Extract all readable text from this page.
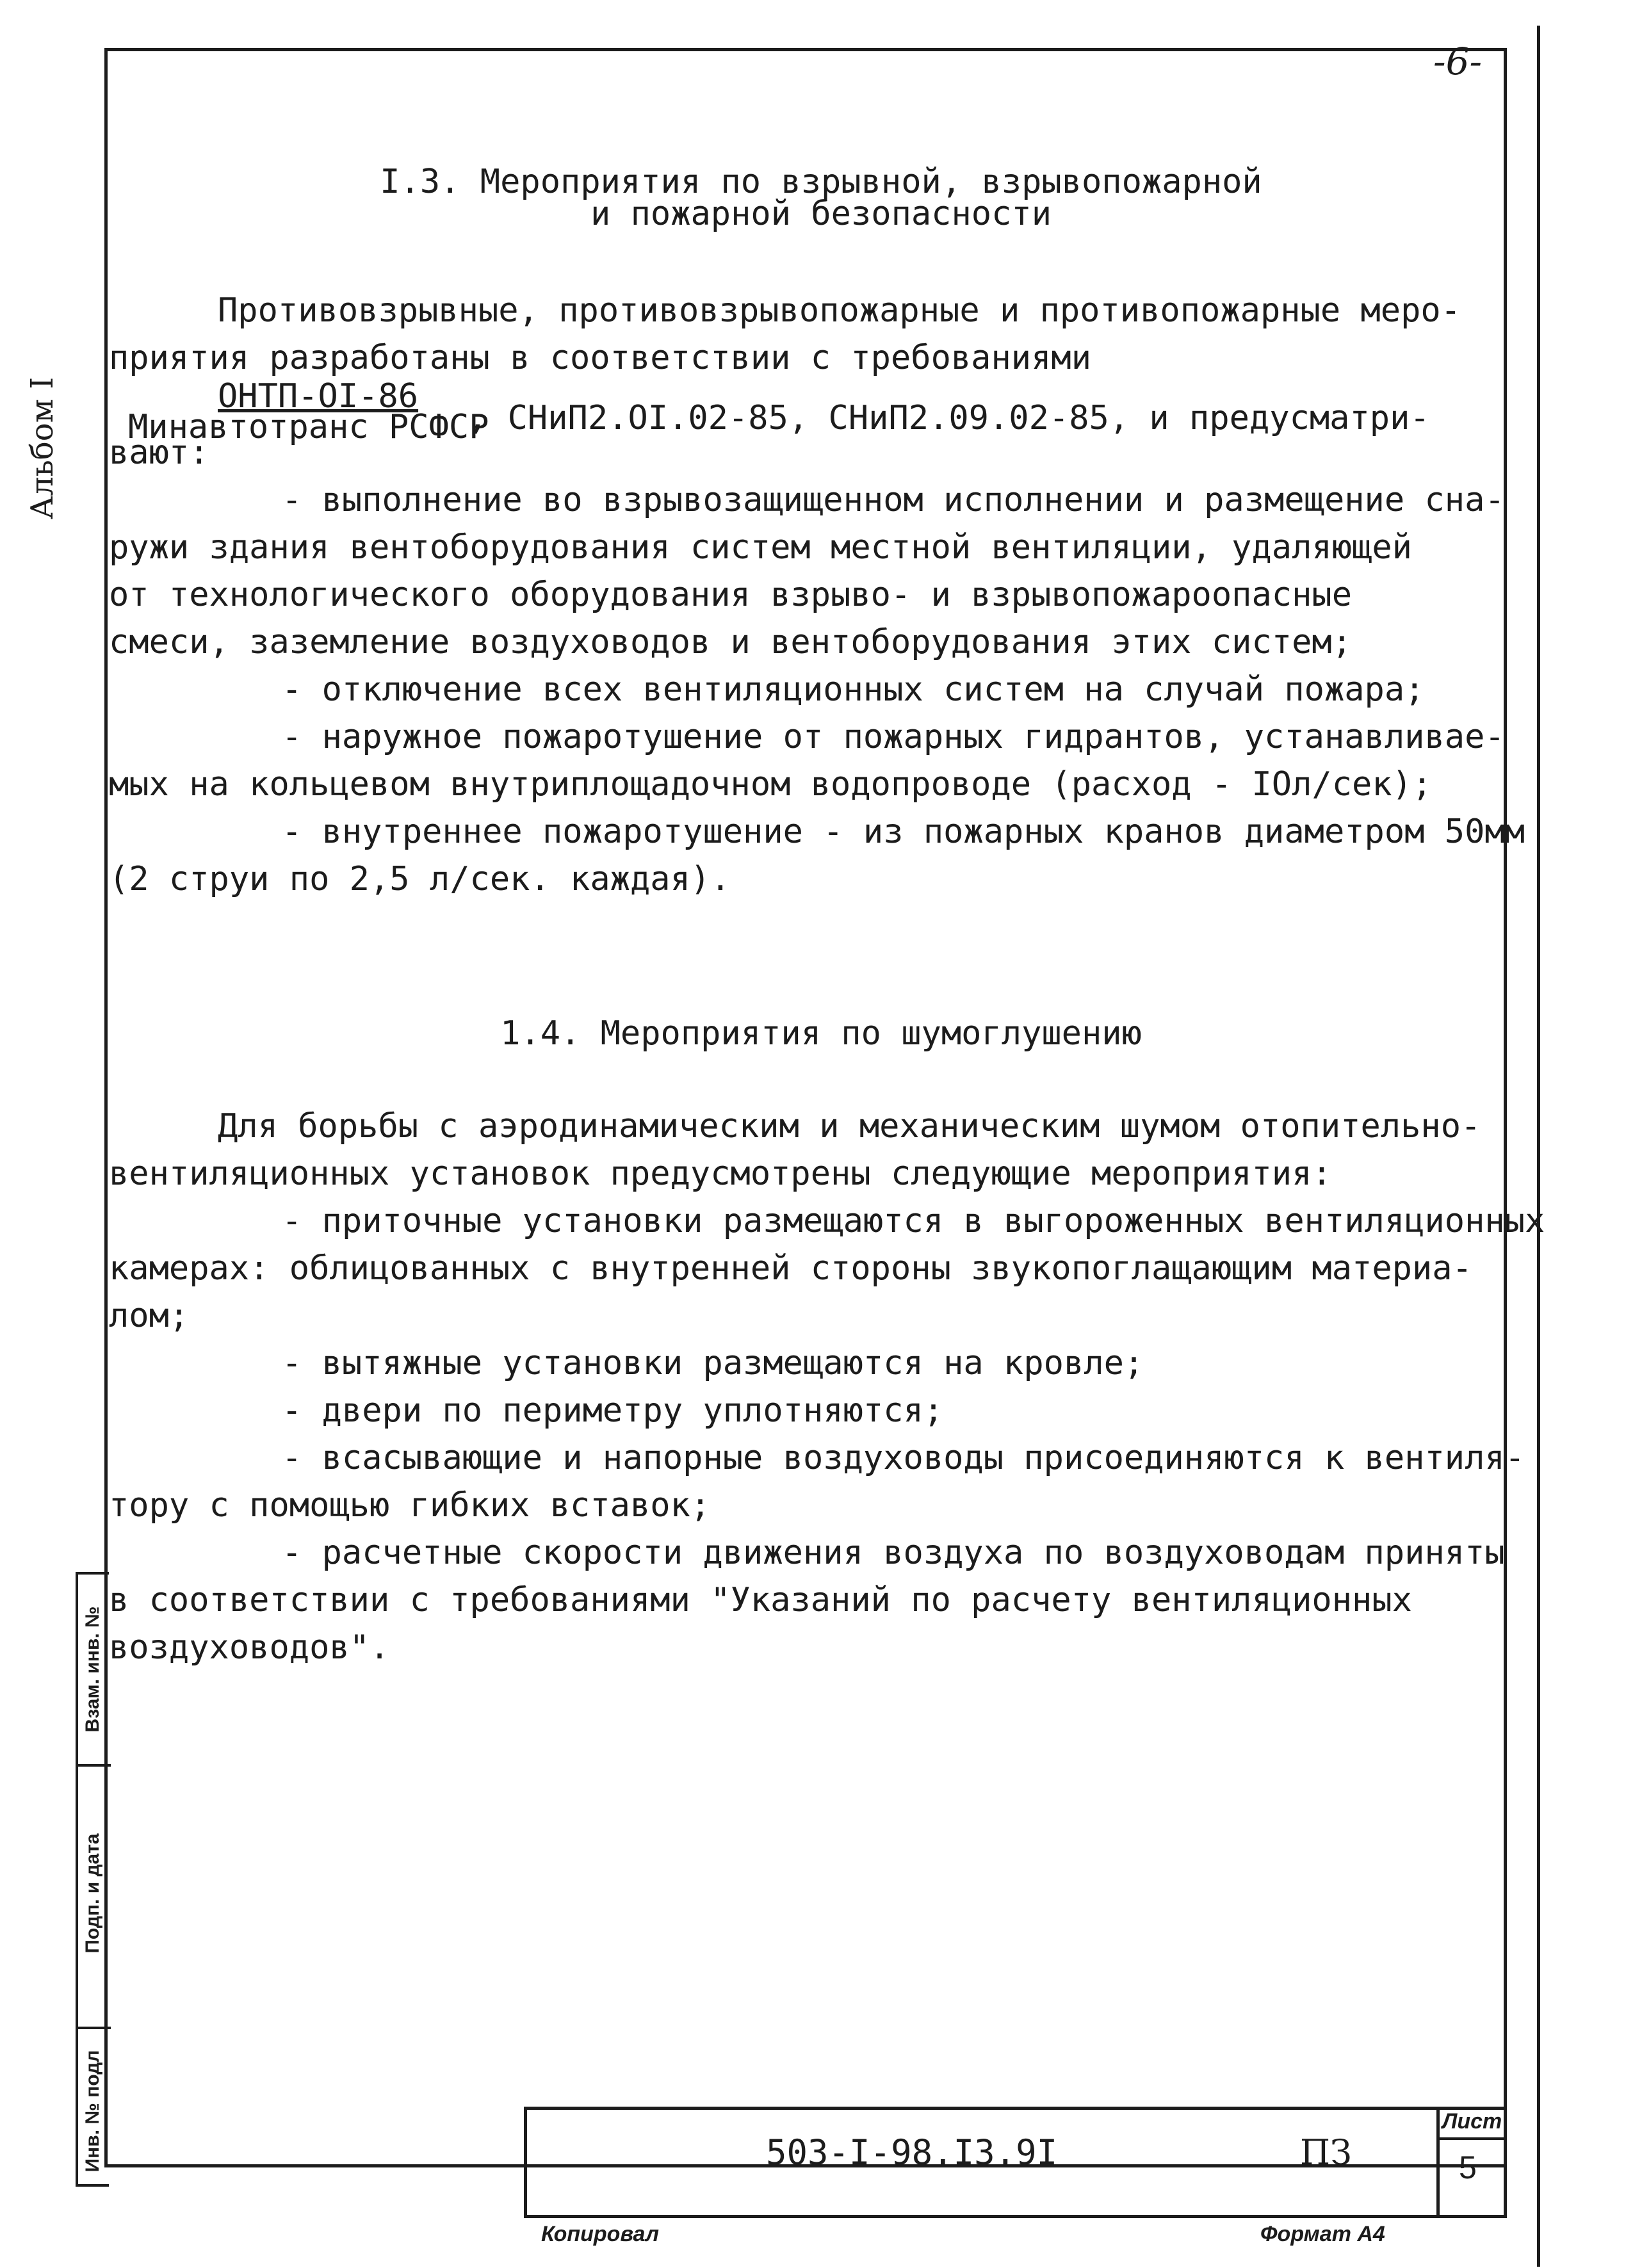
-6-
Альбом I
I.3. Мероприятия по взрывной, взрывопожарной
и пожарной безопасности
Противовзрывные, противовзрывопожарные и противопожарные меро-
приятия разработаны в соответствии с требованиями
ОНТП-OI-86
Минавтотранс РСФСР
, СНиП2.OI.02-85, СНиП2.09.02-85, и предусматри-
вают:
- выполнение во взрывозащищенном исполнении и размещение сна-
ружи здания вентоборудования систем местной вентиляции, удаляющей
от технологического оборудования взрыво- и взрывопожароопасные
смеси, заземление воздуховодов и вентоборудования этих систем;
- отключение всех вентиляционных систем на случай пожара;
- наружное пожаротушение от пожарных гидрантов, устанавливае-
мых на кольцевом внутриплощадочном водопроводе (расход - IOл/сек);
- внутреннее пожаротушение - из пожарных кранов диаметром 50мм
(2 струи по 2,5 л/сек. каждая).
1.4. Мероприятия по шумоглушению
Для борьбы с аэродинамическим и механическим шумом отопительно-
вентиляционных установок предусмотрены следующие мероприятия:
- приточные установки размещаются в выгороженных вентиляционных
камерах: облицованных с внутренней стороны звукопоглащающим материа-
лом;
- вытяжные установки размещаются на кровле;
- двери по периметру уплотняются;
- всасывающие и напорные воздуховоды присоединяются к вентиля-
тору с помощью гибких вставок;
- расчетные скорости движения воздуха по воздуховодам приняты
в соответствии с требованиями "Указаний по расчету вентиляционных
воздуховодов".
Взам. инв. №
Подп. и дата
Инв. № подл	503-I-98.I3.9I	ПЗ
Лист
5
Копировал	Формат А4
